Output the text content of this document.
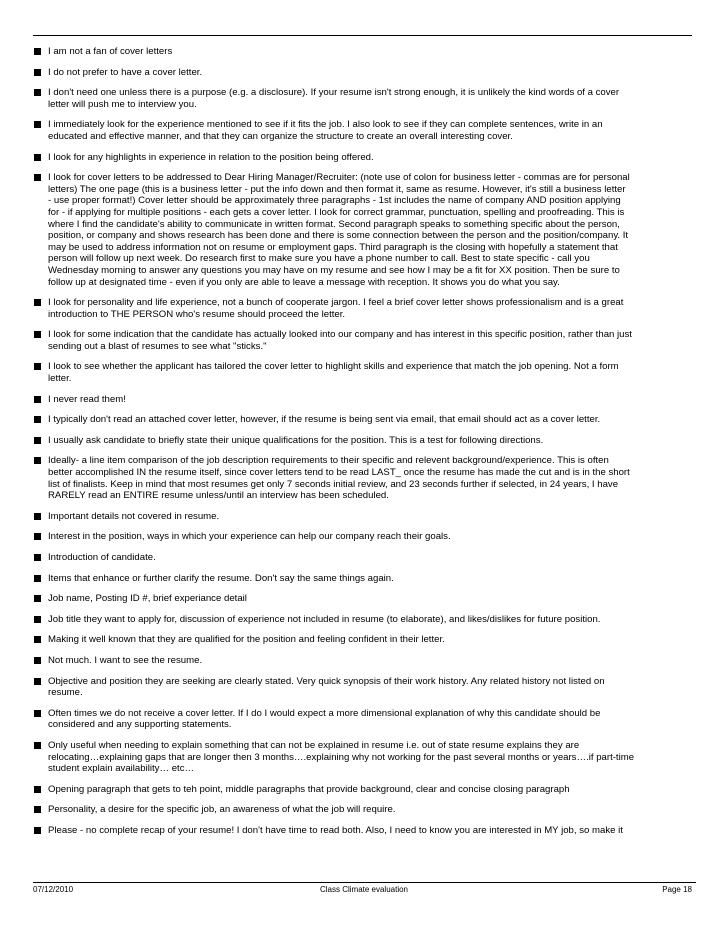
I am not a fan of cover letters
I do not prefer to have a cover letter.
I don't need one unless there is a purpose (e.g. a disclosure). If your resume isn't strong enough, it is unlikely the kind words of a cover
letter will push me to interview you.
I immediately look for the experience mentioned to see if it fits the job. I also look to see if they can complete sentences, write in an
educated and effective manner, and that they can organize the structure to create an overall interesting cover.
I look for any highlights in experience in relation to the position being offered.
I look for cover letters to be addressed to Dear Hiring Manager/Recruiter: (note use of colon for business letter - commas are for personal
letters) The one page (this is a business letter - put the info down and then format it, same as resume. However, it's still a business letter
- use proper format!) Cover letter should be approximately three paragraphs - 1st includes the name of company AND position applying
for - if applying for multiple positions - each gets a cover letter. I look for correct grammar, punctuation, spelling and proofreading. This is
where I find the candidate's ability to communicate in written format. Second paragraph speaks to something specific about the person,
position, or company and shows research has been done and there is some connection between the person and the position/company. It
may be used to address information not on resume or employment gaps. Third paragraph is the closing with hopefully a statement that
person will follow up next week. Do research first to make sure you have a phone number to call. Best to state specific - call you
Wednesday morning to answer any questions you may have on my resume and see how I may be a fit for XX position. Then be sure to
follow up at designated time - even if you only are able to leave a message with reception. It shows you do what you say.
I look for personality and life experience, not a bunch of cooperate jargon. I feel a brief cover letter shows professionalism and is a great
introduction to THE PERSON who's resume should proceed the letter.
I look for some indication that the candidate has actually looked into our company and has interest in this specific position, rather than just
sending out a blast of resumes to see what "sticks."
I look to see whether the applicant has tailored the cover letter to highlight skills and experience that match the job opening. Not a form
letter.
I never read them!
I typically don't read an attached cover letter, however, if the resume is being sent via email, that email should act as a cover letter.
I usually ask candidate to briefly state their unique qualifications for the position. This is a test for following directions.
Ideally- a line item comparison of the job description requirements to their specific and relevent background/experience. This is often
better accomplished IN the resume itself, since cover letters tend to be read LAST_ once the resume has made the cut and is in the short
list of finalists. Keep in mind that most resumes get only 7 seconds initial review, and 23 seconds further if selected, in 24 years, I have
RARELY read an ENTIRE resume unless/until an interview has been scheduled.
Important details not covered in resume.
Interest in the position, ways in which your experience can help our company reach their goals.
Introduction of candidate.
Items that enhance or further clarify the resume. Don't say the same things again.
Job name, Posting ID #, brief experiance detail
Job title they want to apply for, discussion of experience not included in resume (to elaborate), and likes/dislikes for future position.
Making it well known that they are qualified for the position and feeling confident in their letter.
Not much. I want to see the resume.
Objective and position they are seeking are clearly stated. Very quick synopsis of their work history. Any related history not listed on
resume.
Often times we do not receive a cover letter. If I do I would expect a more dimensional explanation of why this candidate should be
considered and any supporting statements.
Only useful when needing to explain something that can not be explained in resume i.e. out of state resume explains they are
relocating…explaining gaps that are longer then 3 months….explaining why not working for the past several months or years….if part-time
student explain availability… etc…
Opening paragraph that gets to teh point, middle paragraphs that provide background, clear and concise closing paragraph
Personality, a desire for the specific job, an awareness of what the job will require.
Please - no complete recap of your resume! I don't have time to read both. Also, I need to know you are interested in MY job, so make it
07/12/2010	Class Climate evaluation	Page 18
